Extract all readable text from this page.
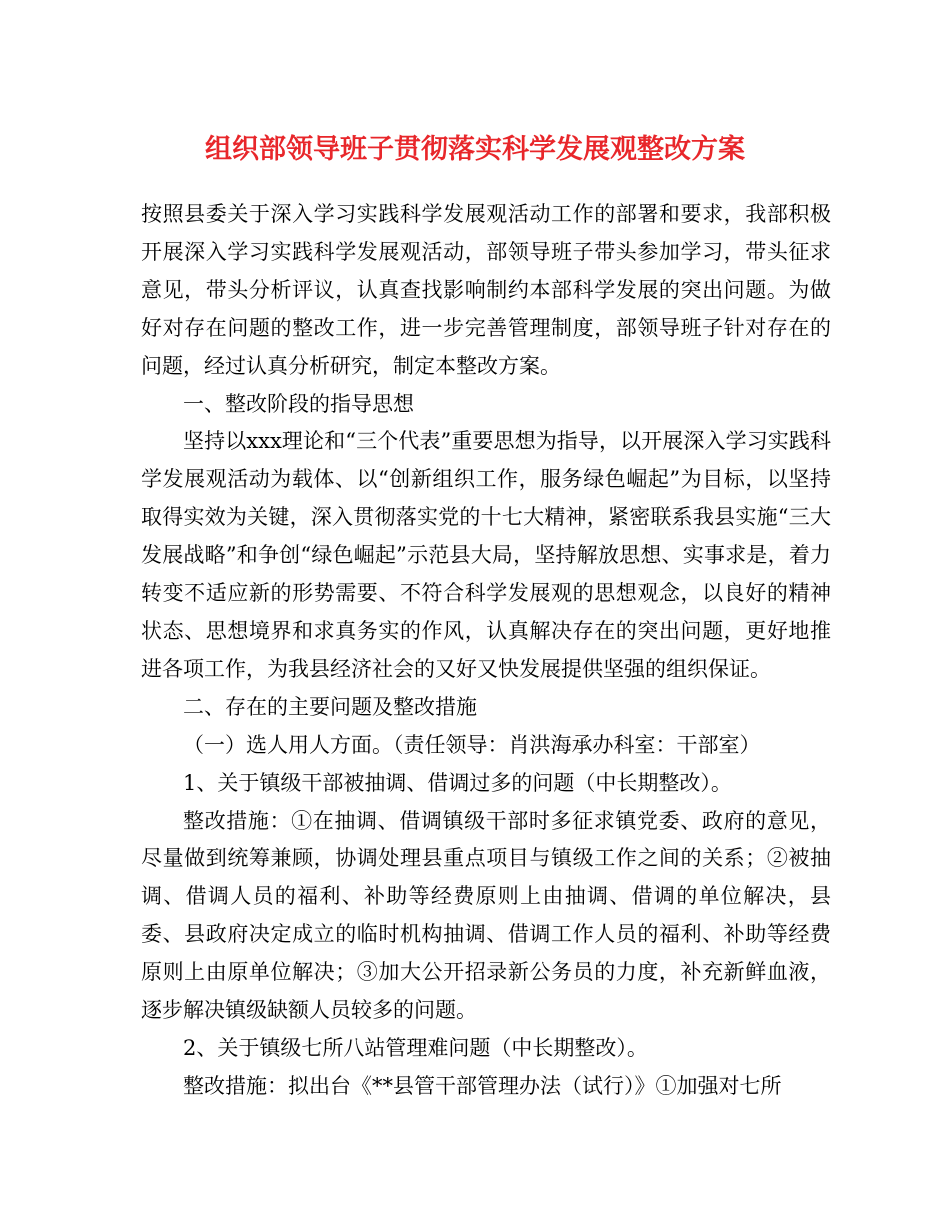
组织部领导班子贯彻落实科学发展观整改方案

按照县委关于深入学习实践科学发展观活动工作的部署和要求，我部积极开展深入学习实践科学发展观活动，部领导班子带头参加学习，带头征求意见，带头分析评议，认真查找影响制约本部科学发展的突出问题。为做好对存在问题的整改工作，进一步完善管理制度，部领导班子针对存在的问题，经过认真分析研究，制定本整改方案。

一、整改阶段的指导思想

坚持以xxx理论和“三个代表”重要思想为指导，以开展深入学习实践科学发展观活动为载体、以“创新组织工作，服务绿色崛起”为目标，以坚持取得实效为关键，深入贯彻落实党的十七大精神，紧密联系我县实施“三大发展战略”和争创“绿色崛起”示范县大局，坚持解放思想、实事求是，着力转变不适应新的形势需要、不符合科学发展观的思想观念，以良好的精神状态、思想境界和求真务实的作风，认真解决存在的突出问题，更好地推进各项工作，为我县经济社会的又好又快发展提供坚强的组织保证。

二、存在的主要问题及整改措施

（一）选人用人方面。（责任领导：肖洪海承办科室：干部室）

1、关于镇级干部被抽调、借调过多的问题（中长期整改）。

整改措施：①在抽调、借调镇级干部时多征求镇党委、政府的意见，尽量做到统筹兼顾，协调处理县重点项目与镇级工作之间的关系；②被抽调、借调人员的福利、补助等经费原则上由抽调、借调的单位解决，县委、县政府决定成立的临时机构抽调、借调工作人员的福利、补助等经费原则上由原单位解决；③加大公开招录新公务员的力度，补充新鲜血液，逐步解决镇级缺额人员较多的问题。

2、关于镇级七所八站管理难问题（中长期整改）。

整改措施：拟出台《**县管干部管理办法（试行）》①加强对七所
